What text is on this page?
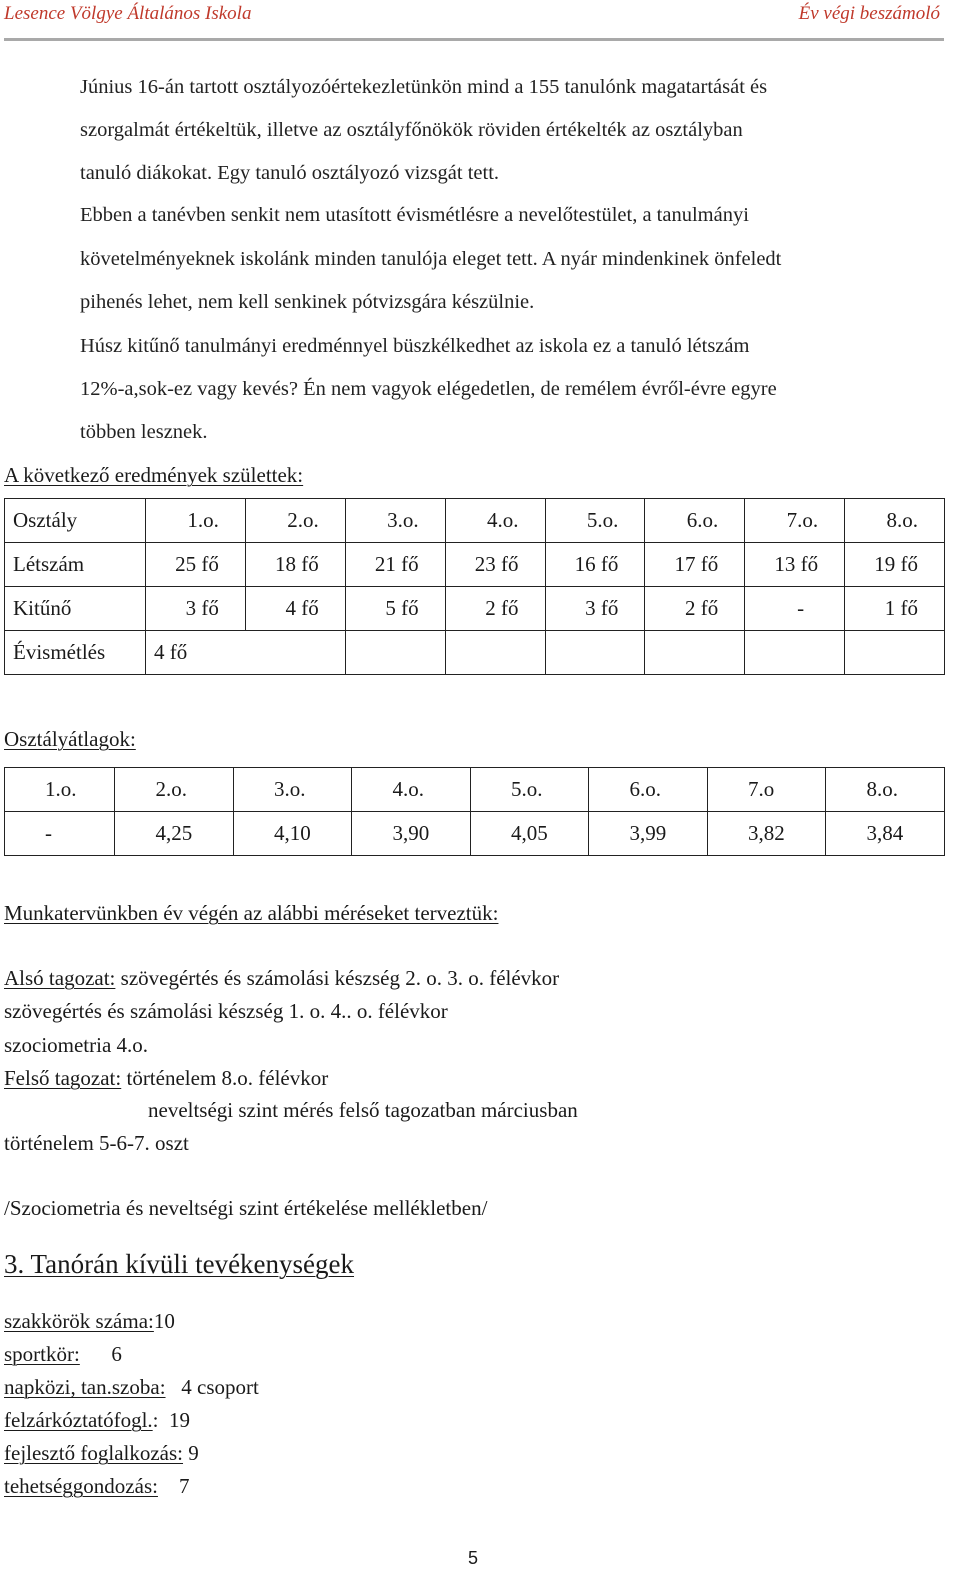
Lesence Völgye Általános Iskola	Év végi beszámoló
Június 16-án tartott osztályozóértekezletünkön mind a 155 tanulónk magatartását és
szorgalmát értékeltük, illetve az osztályfőnökök röviden értékelték az osztályban
tanuló diákokat. Egy tanuló osztályozó vizsgát tett.
Ebben a tanévben senkit nem utasított évismétlésre a nevelőtestület, a tanulmányi
követelményeknek iskolánk minden tanulója eleget tett. A nyár mindenkinek önfeledt
pihenés lehet, nem kell senkinek pótvizsgára készülnie.
Húsz kitűnő tanulmányi eredménnyel büszkélkedhet az iskola ez a tanuló létszám
12%-a,sok-ez vagy kevés? Én nem vagyok elégedetlen, de remélem évről-évre egyre
többen lesznek.
A következő eredmények születtek:
Osztály	1.o.	2.o.	3.o.	4.o.	5.o.	6.o.	7.o.	8.o.
Létszám	25 fő	18 fő	21 fő	23 fő	16 fő	17 fő	13 fő	19 fő
Kitűnő	3 fő	4 fő	5 fő	2 fő	3 fő	2 fő	-	1 fő
Évismétlés	4 fő							
Osztályátlagok:
1.o.	2.o.	3.o.	4.o.	5.o.	6.o.	7.o	8.o.
-	4,25	4,10	3,90	4,05	3,99	3,82	3,84
Munkatervünkben év végén az alábbi méréseket terveztük:
Alsó tagozat: szövegértés és számolási készség 2. o. 3. o. félévkor
szövegértés és számolási készség 1. o. 4.. o. félévkor
szociometria 4.o.
Felső tagozat: történelem 8.o. félévkor
neveltségi szint mérés felső tagozatban márciusban
történelem 5-6-7. oszt
/Szociometria és neveltségi szint értékelése mellékletben/
3. Tanórán kívüli tevékenységek
szakkörök száma:10
sportkör:      6
napközi, tan.szoba:   4 csoport
felzárkóztatófogl.:  19
fejlesztő foglalkozás: 9
tehetséggondozás:    7
5
